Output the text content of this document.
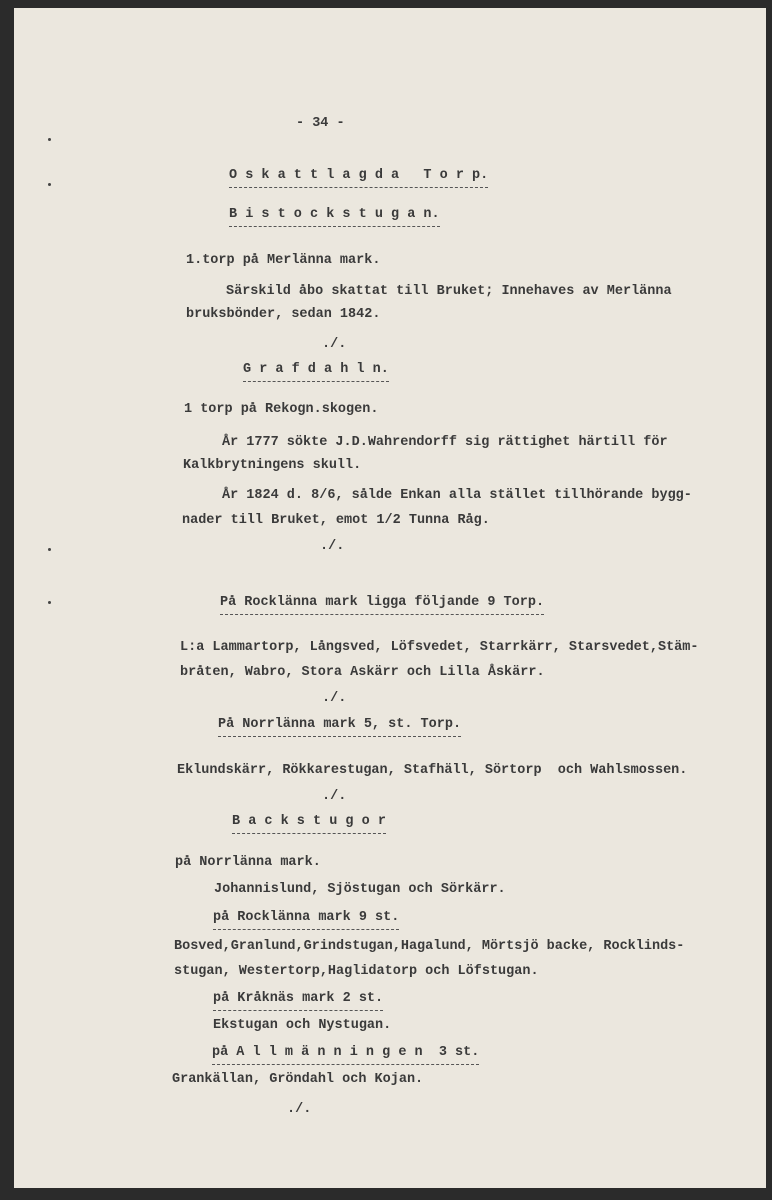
- 34 -
O s k a t t l a g d a   T o r p.
B i s t o c k s t u g a n.
1.torp på Merlänna mark.
Särskild åbo skattat till Bruket; Innehaves av Merlänna
bruksbönder, sedan 1842.
./.
G r a f d a h l n.
1 torp på Rekogn.skogen.
År 1777 sökte J.D.Wahrendorff sig rättighet härtill för
Kalkbrytningens skull.
År 1824 d. 8/6, sålde Enkan alla stället tillhörande bygg-
nader till Bruket, emot 1/2 Tunna Råg.
./.
På Rocklänna mark ligga följande 9 Torp.
L:a Lammartorp, Långsved, Löfsvedet, Starrkärr, Starsvedet,Stäm-
bråten, Wabro, Stora Askärr och Lilla Åskärr.
./.
På Norrlänna mark 5, st. Torp.
Eklundskärr, Rökkarestugan, Stafhäll, Sörtorp  och Wahlsmossen.
./.
B a c k s t u g o r
på Norrlänna mark.
Johannislund, Sjöstugan och Sörkärr.
på Rocklänna mark 9 st.
Bosved,Granlund,Grindstugan,Hagalund, Mörtsjö backe, Rocklinds-
stugan, Westertorp,Haglidatorp och Löfstugan.
på Kråknäs mark 2 st.
Ekstugan och Nystugan.
på A l l m ä n n i n g e n  3 st.
Grankällan, Gröndahl och Kojan.
./.
